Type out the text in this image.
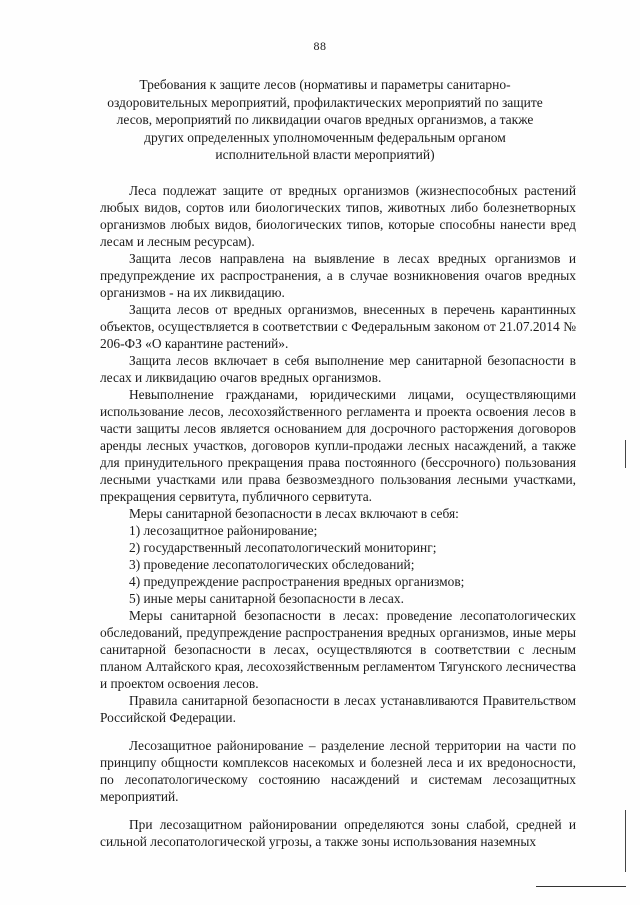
88
Требования к защите лесов (нормативы и параметры санитарно-оздоровительных мероприятий, профилактических мероприятий по защите лесов, мероприятий по ликвидации очагов вредных организмов, а также других определенных уполномоченным федеральным органом исполнительной власти мероприятий)

Леса подлежат защите от вредных организмов (жизнеспособных растений любых видов, сортов или биологических типов, животных либо болезнетворных организмов любых видов, биологических типов, которые способны нанести вред лесам и лесным ресурсам).

Защита лесов направлена на выявление в лесах вредных организмов и предупреждение их распространения, а в случае возникновения очагов вредных организмов - на их ликвидацию.

Защита лесов от вредных организмов, внесенных в перечень карантинных объектов, осуществляется в соответствии с Федеральным законом от 21.07.2014 № 206-ФЗ «О карантине растений».

Защита лесов включает в себя выполнение мер санитарной безопасности в лесах и ликвидацию очагов вредных организмов.

Невыполнение гражданами, юридическими лицами, осуществляющими использование лесов, лесохозяйственного регламента и проекта освоения лесов в части защиты лесов является основанием для досрочного расторжения договоров аренды лесных участков, договоров купли-продажи лесных насаждений, а также для принудительного прекращения права постоянного (бессрочного) пользования лесными участками или права безвозмездного пользования лесными участками, прекращения сервитута, публичного сервитута.

Меры санитарной безопасности в лесах включают в себя:

1) лесозащитное районирование;

2) государственный лесопатологический мониторинг;

3) проведение лесопатологических обследований;

4) предупреждение распространения вредных организмов;

5) иные меры санитарной безопасности в лесах.

Меры санитарной безопасности в лесах: проведение лесопатологических обследований, предупреждение распространения вредных организмов, иные меры санитарной безопасности в лесах, осуществляются в соответствии с лесным планом Алтайского края, лесохозяйственным регламентом Тягунского лесничества и проектом освоения лесов.

Правила санитарной безопасности в лесах устанавливаются Правительством Российской Федерации.

Лесозащитное районирование – разделение лесной территории на части по принципу общности комплексов насекомых и болезней леса и их вредоносности, по лесопатологическому состоянию насаждений и системам лесозащитных мероприятий.

При лесозащитном районировании определяются зоны слабой, средней и сильной лесопатологической угрозы, а также зоны использования наземных
